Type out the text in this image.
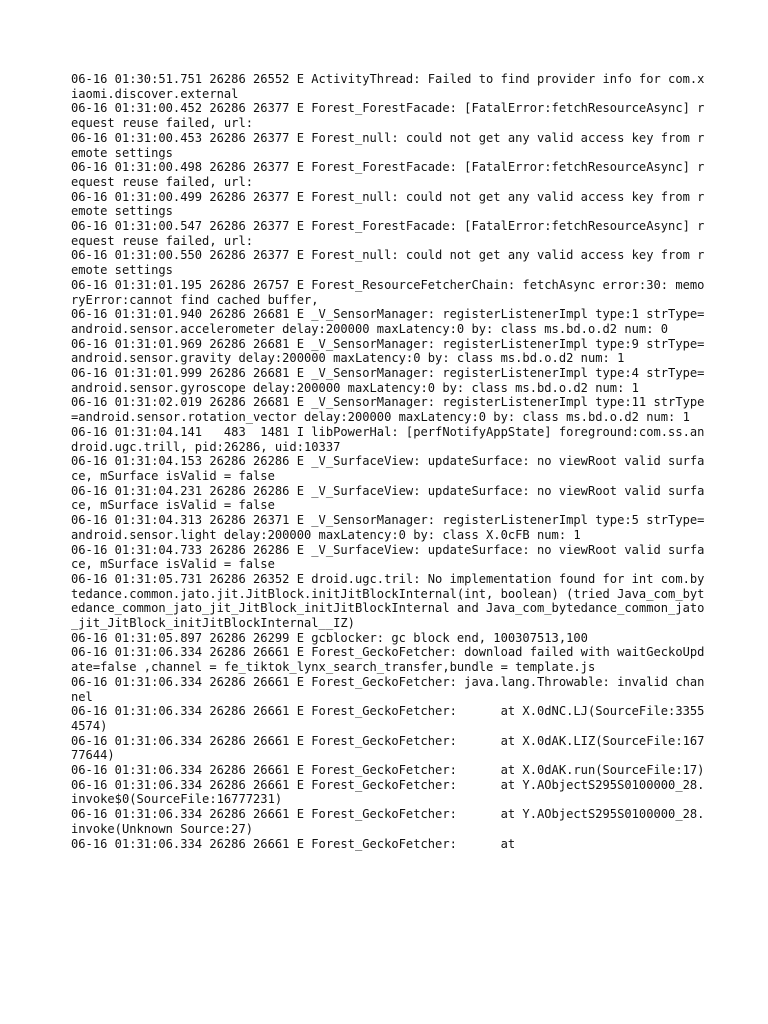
06-16 01:30:51.751 26286 26552 E ActivityThread: Failed to find provider info for com.xiaomi.discover.external
06-16 01:31:00.452 26286 26377 E Forest_ForestFacade: [FatalError:fetchResourceAsync] request reuse failed, url:
06-16 01:31:00.453 26286 26377 E Forest_null: could not get any valid access key from remote settings
06-16 01:31:00.498 26286 26377 E Forest_ForestFacade: [FatalError:fetchResourceAsync] request reuse failed, url:
06-16 01:31:00.499 26286 26377 E Forest_null: could not get any valid access key from remote settings
06-16 01:31:00.547 26286 26377 E Forest_ForestFacade: [FatalError:fetchResourceAsync] request reuse failed, url:
06-16 01:31:00.550 26286 26377 E Forest_null: could not get any valid access key from remote settings
06-16 01:31:01.195 26286 26757 E Forest_ResourceFetcherChain: fetchAsync error:30: memoryError:cannot find cached buffer,
06-16 01:31:01.940 26286 26681 E _V_SensorManager: registerListenerImpl type:1 strType=android.sensor.accelerometer delay:200000 maxLatency:0 by: class ms.bd.o.d2 num: 0
06-16 01:31:01.969 26286 26681 E _V_SensorManager: registerListenerImpl type:9 strType=android.sensor.gravity delay:200000 maxLatency:0 by: class ms.bd.o.d2 num: 1
06-16 01:31:01.999 26286 26681 E _V_SensorManager: registerListenerImpl type:4 strType=android.sensor.gyroscope delay:200000 maxLatency:0 by: class ms.bd.o.d2 num: 1
06-16 01:31:02.019 26286 26681 E _V_SensorManager: registerListenerImpl type:11 strType=android.sensor.rotation_vector delay:200000 maxLatency:0 by: class ms.bd.o.d2 num: 1
06-16 01:31:04.141   483  1481 I libPowerHal: [perfNotifyAppState] foreground:com.ss.android.ugc.trill, pid:26286, uid:10337
06-16 01:31:04.153 26286 26286 E _V_SurfaceView: updateSurface: no viewRoot valid surface, mSurface isValid = false
06-16 01:31:04.231 26286 26286 E _V_SurfaceView: updateSurface: no viewRoot valid surface, mSurface isValid = false
06-16 01:31:04.313 26286 26371 E _V_SensorManager: registerListenerImpl type:5 strType=android.sensor.light delay:200000 maxLatency:0 by: class X.0cFB num: 1
06-16 01:31:04.733 26286 26286 E _V_SurfaceView: updateSurface: no viewRoot valid surface, mSurface isValid = false
06-16 01:31:05.731 26286 26352 E droid.ugc.tril: No implementation found for int com.bytedance.common.jato.jit.JitBlock.initJitBlockInternal(int, boolean) (tried Java_com_bytedance_common_jato_jit_JitBlock_initJitBlockInternal and Java_com_bytedance_common_jato_jit_JitBlock_initJitBlockInternal__IZ)
06-16 01:31:05.897 26286 26299 E gcblocker: gc block end, 100307513,100
06-16 01:31:06.334 26286 26661 E Forest_GeckoFetcher: download failed with waitGeckoUpdate=false ,channel = fe_tiktok_lynx_search_transfer,bundle = template.js
06-16 01:31:06.334 26286 26661 E Forest_GeckoFetcher: java.lang.Throwable: invalid channel
06-16 01:31:06.334 26286 26661 E Forest_GeckoFetcher:      at X.0dNC.LJ(SourceFile:33554574)
06-16 01:31:06.334 26286 26661 E Forest_GeckoFetcher:      at X.0dAK.LIZ(SourceFile:16777644)
06-16 01:31:06.334 26286 26661 E Forest_GeckoFetcher:      at X.0dAK.run(SourceFile:17)
06-16 01:31:06.334 26286 26661 E Forest_GeckoFetcher:      at Y.AObjectS295S0100000_28.invoke$0(SourceFile:16777231)
06-16 01:31:06.334 26286 26661 E Forest_GeckoFetcher:      at Y.AObjectS295S0100000_28.invoke(Unknown Source:27)
06-16 01:31:06.334 26286 26661 E Forest_GeckoFetcher:      at
